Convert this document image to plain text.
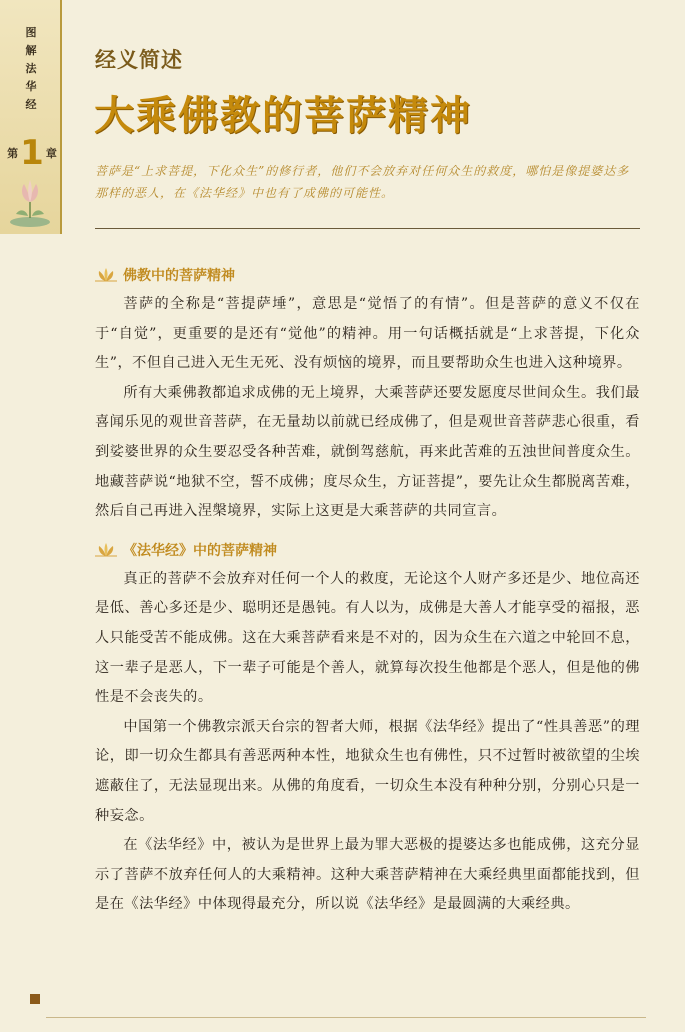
图
解
法
华
经
第 1 章
经义简述
大乘佛教的菩萨精神
菩萨是“上求菩提，下化众生”的修行者，他们不会放弃对任何众生的救度，哪怕是像提婆达多那样的恶人，在《法华经》中也有了成佛的可能性。
佛教中的菩萨精神

菩萨的全称是“菩提萨埵”，意思是“觉悟了的有情”。但是菩萨的意义不仅在于“自觉”，更重要的是还有“觉他”的精神。用一句话概括就是“上求菩提，下化众生”，不但自己进入无生无死、没有烦恼的境界，而且要帮助众生也进入这种境界。

所有大乘佛教都追求成佛的无上境界，大乘菩萨还要发愿度尽世间众生。我们最喜闻乐见的观世音菩萨，在无量劫以前就已经成佛了，但是观世音菩萨悲心很重，看到娑婆世界的众生要忍受各种苦难，就倒驾慈航，再来此苦难的五浊世间普度众生。地藏菩萨说“地狱不空，誓不成佛；度尽众生，方证菩提”，要先让众生都脱离苦难，然后自己再进入涅槃境界，实际上这更是大乘菩萨的共同宣言。

《法华经》中的菩萨精神

真正的菩萨不会放弃对任何一个人的救度，无论这个人财产多还是少、地位高还是低、善心多还是少、聪明还是愚钝。有人以为，成佛是大善人才能享受的福报，恶人只能受苦不能成佛。这在大乘菩萨看来是不对的，因为众生在六道之中轮回不息，这一辈子是恶人，下一辈子可能是个善人，就算每次投生他都是个恶人，但是他的佛性是不会丧失的。

中国第一个佛教宗派天台宗的智者大师，根据《法华经》提出了“性具善恶”的理论，即一切众生都具有善恶两种本性，地狱众生也有佛性，只不过暂时被欲望的尘埃遮蔽住了，无法显现出来。从佛的角度看，一切众生本没有种种分别，分别心只是一种妄念。

在《法华经》中，被认为是世界上最为罪大恶极的提婆达多也能成佛，这充分显示了菩萨不放弃任何人的大乘精神。这种大乘菩萨精神在大乘经典里面都能找到，但是在《法华经》中体现得最充分，所以说《法华经》是最圆满的大乘经典。
